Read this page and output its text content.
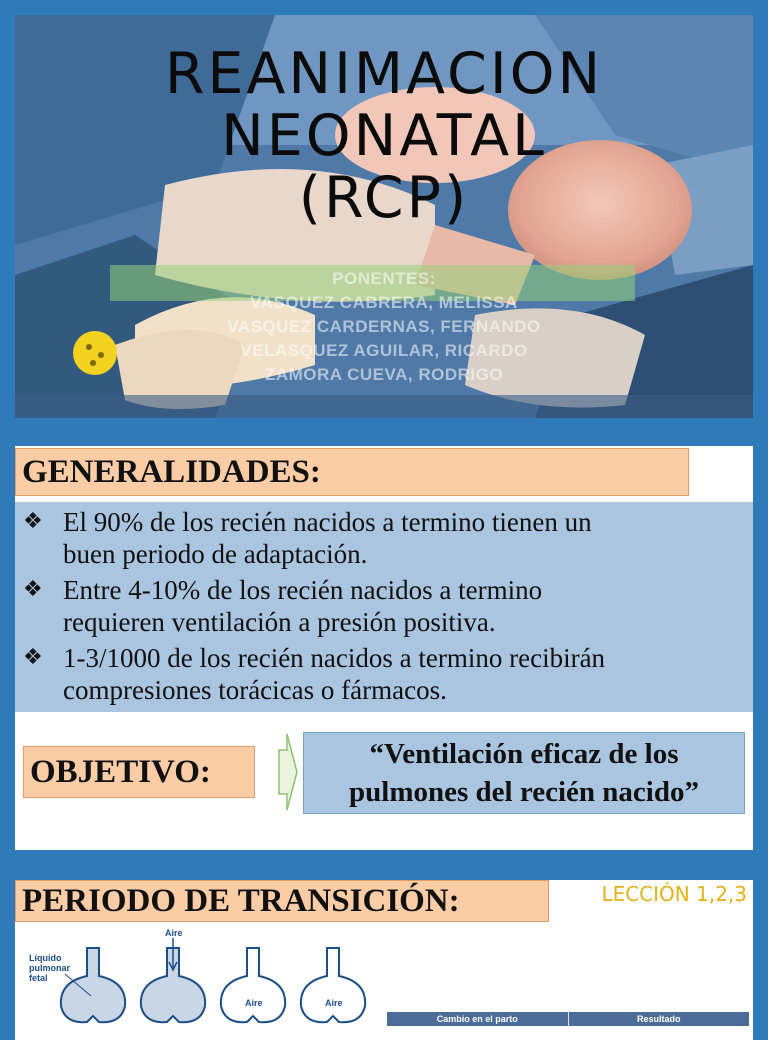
REANIMACION
NEONATAL
(RCP)
PONENTES:
VASQUEZ CABRERA, MELISSA
VASQUEZ CARDERNAS, FERNANDO
VELASQUEZ AGUILAR, RICARDO
ZAMORA CUEVA, RODRIGO
GENERALIDADES:
❖ El 90% de los recién nacidos a termino tienen un
buen periodo de adaptación.
❖ Entre 4-10% de los recién nacidos a termino
requieren ventilación a presión positiva.
❖ 1-3/1000 de los recién nacidos a termino recibirán
compresiones torácicas o fármacos.
OBJETIVO:	“Ventilación eficaz de los
pulmones del recién nacido”
PERIODO DE TRANSICIÓN:	LECCIÓN 1,2,3
Líquido
pulmonar
fetal
Aire
Aire	Aire
Cambio en el parto	Resultado
